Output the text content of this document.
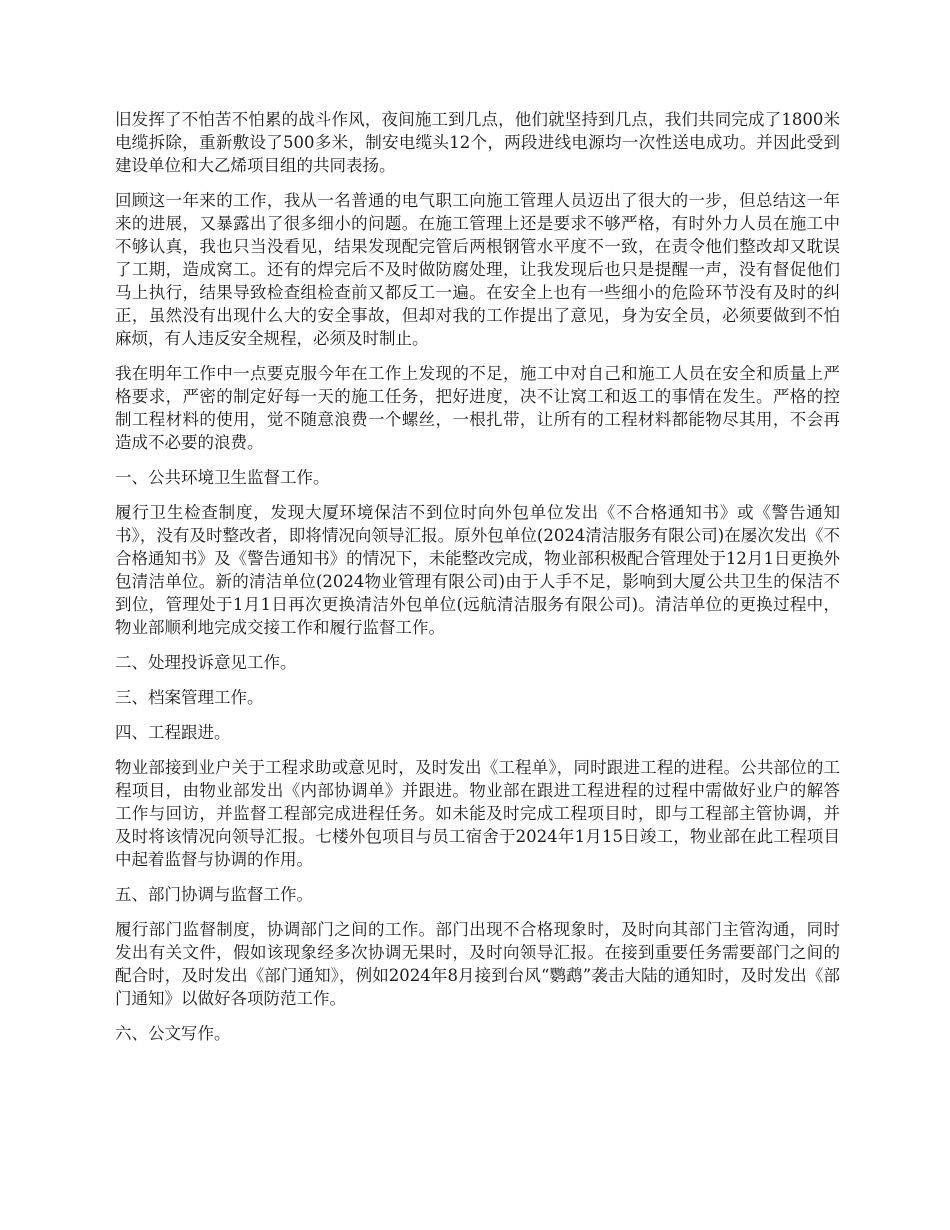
旧发挥了不怕苦不怕累的战斗作风，夜间施工到几点，他们就坚持到几点，我们共同完成了1800米电缆拆除，重新敷设了500多米，制安电缆头12个，两段进线电源均一次性送电成功。并因此受到建设单位和大乙烯项目组的共同表扬。

回顾这一年来的工作，我从一名普通的电气职工向施工管理人员迈出了很大的一步，但总结这一年来的进展，又暴露出了很多细小的问题。在施工管理上还是要求不够严格，有时外力人员在施工中不够认真，我也只当没看见，结果发现配完管后两根钢管水平度不一致，在责令他们整改却又耽误了工期，造成窝工。还有的焊完后不及时做防腐处理，让我发现后也只是提醒一声，没有督促他们马上执行，结果导致检查组检查前又都反工一遍。在安全上也有一些细小的危险环节没有及时的纠正，虽然没有出现什么大的安全事故，但却对我的工作提出了意见，身为安全员，必须要做到不怕麻烦，有人违反安全规程，必须及时制止。

我在明年工作中一点要克服今年在工作上发现的不足，施工中对自己和施工人员在安全和质量上严格要求，严密的制定好每一天的施工任务，把好进度，决不让窝工和返工的事情在发生。严格的控制工程材料的使用，觉不随意浪费一个螺丝，一根扎带，让所有的工程材料都能物尽其用，不会再造成不必要的浪费。

一、公共环境卫生监督工作。

履行卫生检查制度，发现大厦环境保洁不到位时向外包单位发出《不合格通知书》或《警告通知书》，没有及时整改者，即将情况向领导汇报。原外包单位(2024清洁服务有限公司)在屡次发出《不合格通知书》及《警告通知书》的情况下，未能整改完成，物业部积极配合管理处于12月1日更换外包清洁单位。新的清洁单位(2024物业管理有限公司)由于人手不足，影响到大厦公共卫生的保洁不到位，管理处于1月1日再次更换清洁外包单位(远航清洁服务有限公司)。清洁单位的更换过程中，物业部顺利地完成交接工作和履行监督工作。

二、处理投诉意见工作。

三、档案管理工作。

四、工程跟进。

物业部接到业户关于工程求助或意见时，及时发出《工程单》，同时跟进工程的进程。公共部位的工程项目，由物业部发出《内部协调单》并跟进。物业部在跟进工程进程的过程中需做好业户的解答工作与回访，并监督工程部完成进程任务。如未能及时完成工程项目时，即与工程部主管协调，并及时将该情况向领导汇报。七楼外包项目与员工宿舍于2024年1月15日竣工，物业部在此工程项目中起着监督与协调的作用。

五、部门协调与监督工作。

履行部门监督制度，协调部门之间的工作。部门出现不合格现象时，及时向其部门主管沟通，同时发出有关文件，假如该现象经多次协调无果时，及时向领导汇报。在接到重要任务需要部门之间的配合时，及时发出《部门通知》，例如2024年8月接到台风“鹦鹉”袭击大陆的通知时，及时发出《部门通知》以做好各项防范工作。

六、公文写作。
